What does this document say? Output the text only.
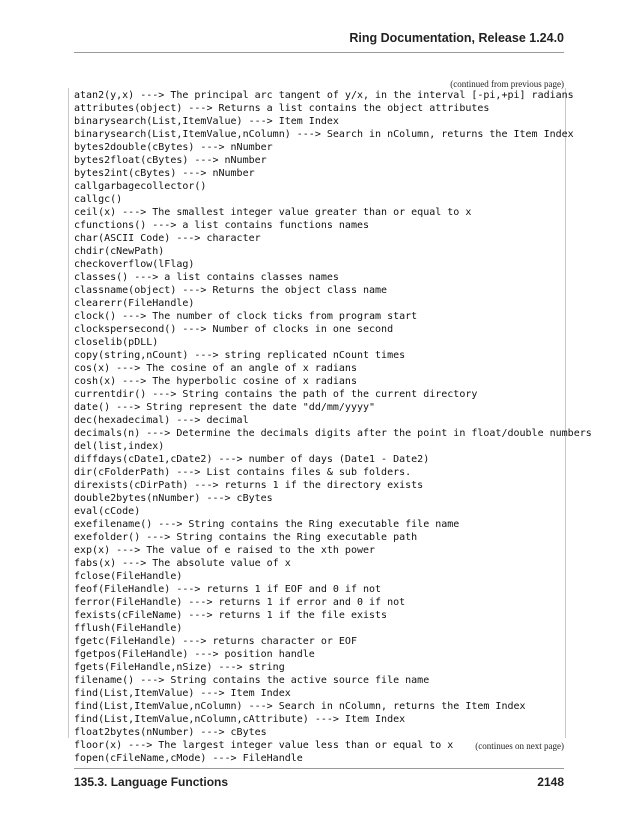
Ring Documentation, Release 1.24.0
(continued from previous page)
atan2(y,x) ---> The principal arc tangent of y/x, in the interval [-pi,+pi] radians
attributes(object) ---> Returns a list contains the object attributes
binarysearch(List,ItemValue) ---> Item Index
binarysearch(List,ItemValue,nColumn) ---> Search in nColumn, returns the Item Index
bytes2double(cBytes) ---> nNumber
bytes2float(cBytes) ---> nNumber
bytes2int(cBytes) ---> nNumber
callgarbagecollector()
callgc()
ceil(x) ---> The smallest integer value greater than or equal to x
cfunctions() ---> a list contains functions names
char(ASCII Code) ---> character
chdir(cNewPath)
checkoverflow(lFlag)
classes() ---> a list contains classes names
classname(object) ---> Returns the object class name
clearerr(FileHandle)
clock() ---> The number of clock ticks from program start
clockspersecond() ---> Number of clocks in one second
closelib(pDLL)
copy(string,nCount) ---> string replicated nCount times
cos(x) ---> The cosine of an angle of x radians
cosh(x) ---> The hyperbolic cosine of x radians
currentdir() ---> String contains the path of the current directory
date() ---> String represent the date "dd/mm/yyyy"
dec(hexadecimal) ---> decimal
decimals(n) ---> Determine the decimals digits after the point in float/double numbers
del(list,index)
diffdays(cDate1,cDate2) ---> number of days (Date1 - Date2)
dir(cFolderPath) ---> List contains files & sub folders.
direxists(cDirPath) ---> returns 1 if the directory exists
double2bytes(nNumber) ---> cBytes
eval(cCode)
exefilename() ---> String contains the Ring executable file name
exefolder() ---> String contains the Ring executable path
exp(x) ---> The value of e raised to the xth power
fabs(x) ---> The absolute value of x
fclose(FileHandle)
feof(FileHandle) ---> returns 1 if EOF and 0 if not
ferror(FileHandle) ---> returns 1 if error and 0 if not
fexists(cFileName) ---> returns 1 if the file exists
fflush(FileHandle)
fgetc(FileHandle) ---> returns character or EOF
fgetpos(FileHandle) ---> position handle
fgets(FileHandle,nSize) ---> string
filename() ---> String contains the active source file name
find(List,ItemValue) ---> Item Index
find(List,ItemValue,nColumn) ---> Search in nColumn, returns the Item Index
find(List,ItemValue,nColumn,cAttribute) ---> Item Index
float2bytes(nNumber) ---> cBytes
floor(x) ---> The largest integer value less than or equal to x
fopen(cFileName,cMode) ---> FileHandle
(continues on next page)
135.3. Language Functions	2148
